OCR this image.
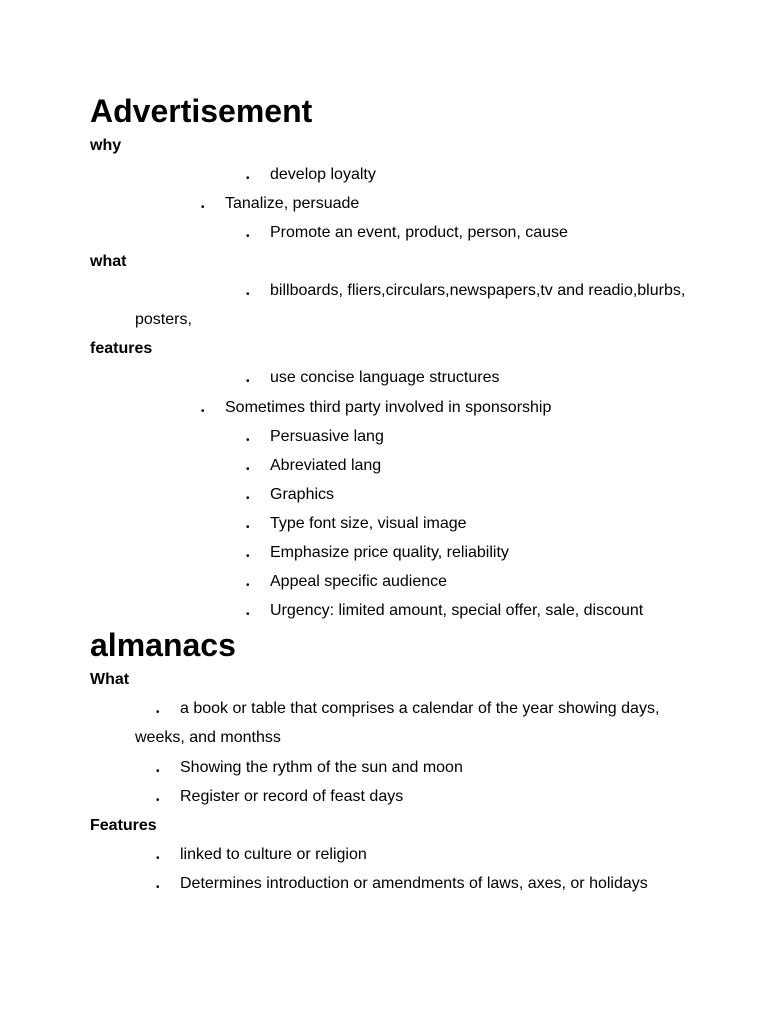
Advertisement
why
• develop loyalty
• Tanalize, persuade
• Promote an event, product, person, cause
what
• billboards, fliers,circulars,newspapers,tv and readio,blurbs, posters,
features
• use concise language structures
• Sometimes third party involved in sponsorship
• Persuasive lang
• Abreviated lang
• Graphics
• Type font size, visual image
• Emphasize price quality, reliability
• Appeal specific audience
• Urgency: limited amount, special offer, sale, discount
almanacs
What
• a book or table that comprises a calendar of the year showing days, weeks, and monthss
• Showing the rythm of the sun and moon
• Register or record of feast days
Features
• linked to culture or religion
• Determines introduction or amendments of laws, axes, or holidays
